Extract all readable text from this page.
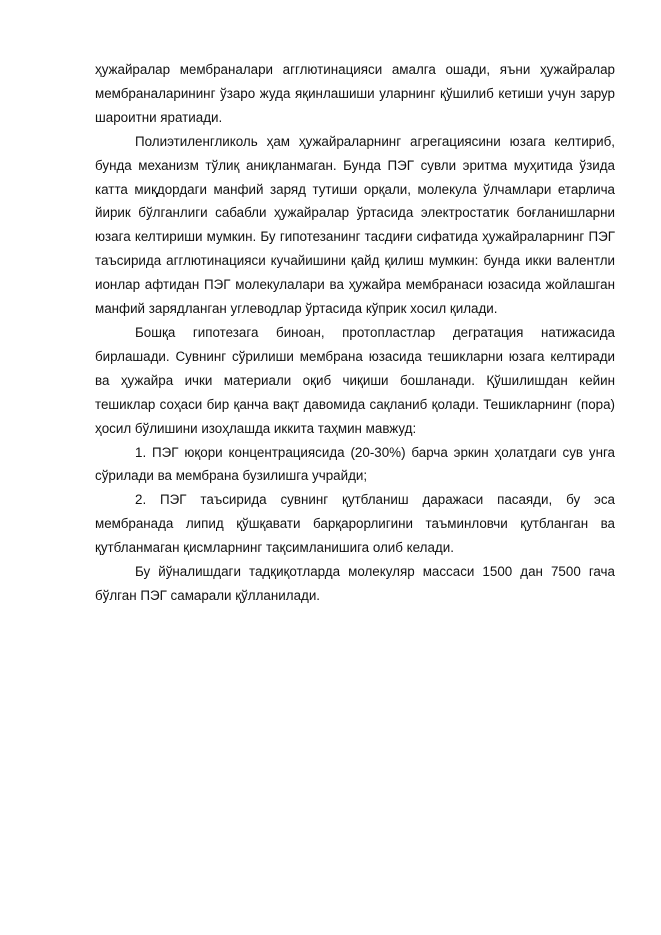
ҳужайралар мембраналари агглютинацияси амалга ошади, яъни ҳужайралар мембраналарининг ўзаро жуда яқинлашиши уларнинг қўшилиб кетиши учун зарур шароитни яратиади.

Полиэтиленгликоль ҳам ҳужайраларнинг агрегациясини юзага келтириб, бунда механизм тўлиқ аниқланмаган. Бунда ПЭГ сувли эритма муҳитида ўзида катта миқдордаги манфий заряд тутиши орқали, молекула ўлчамлари етарлича йирик бўлганлиги сабабли ҳужайралар ўртасида электростатик боғланишларни юзага келтириши мумкин. Бу гипотезанинг тасдиғи сифатида ҳужайраларнинг ПЭГ таъсирида агглютинацияси кучайишини қайд қилиш мумкин: бунда икки валентли ионлар афтидан ПЭГ молекулалари ва ҳужайра мембранаси юзасида жойлашган манфий зарядланган углеводлар ўртасида кўприк хосил қилади.

Бошқа гипотезага биноан, протопластлар дегратация натижасида бирлашади. Сувнинг сўрилиши мембрана юзасида тешикларни юзага келтиради ва ҳужайра ички материали оқиб чиқиши бошланади. Қўшилишдан кейин тешиклар соҳаси бир қанча вақт давомида сақланиб қолади. Тешикларнинг (пора) ҳосил бўлишини изоҳлашда иккита таҳмин мавжуд:

1. ПЭГ юқори концентрациясида (20-30%) барча эркин ҳолатдаги сув унга сўрилади ва мембрана бузилишга учрайди;

2. ПЭГ таъсирида сувнинг қутбланиш даражаси пасаяди, бу эса мембранада липид қўшқавати барқарорлигини таъминловчи қутбланган ва қутбланмаган қисмларнинг тақсимланишига олиб келади.

Бу йўналишдаги тадқиқотларда молекуляр массаси 1500 дан 7500 гача бўлган ПЭГ самарали қўлланилади.
